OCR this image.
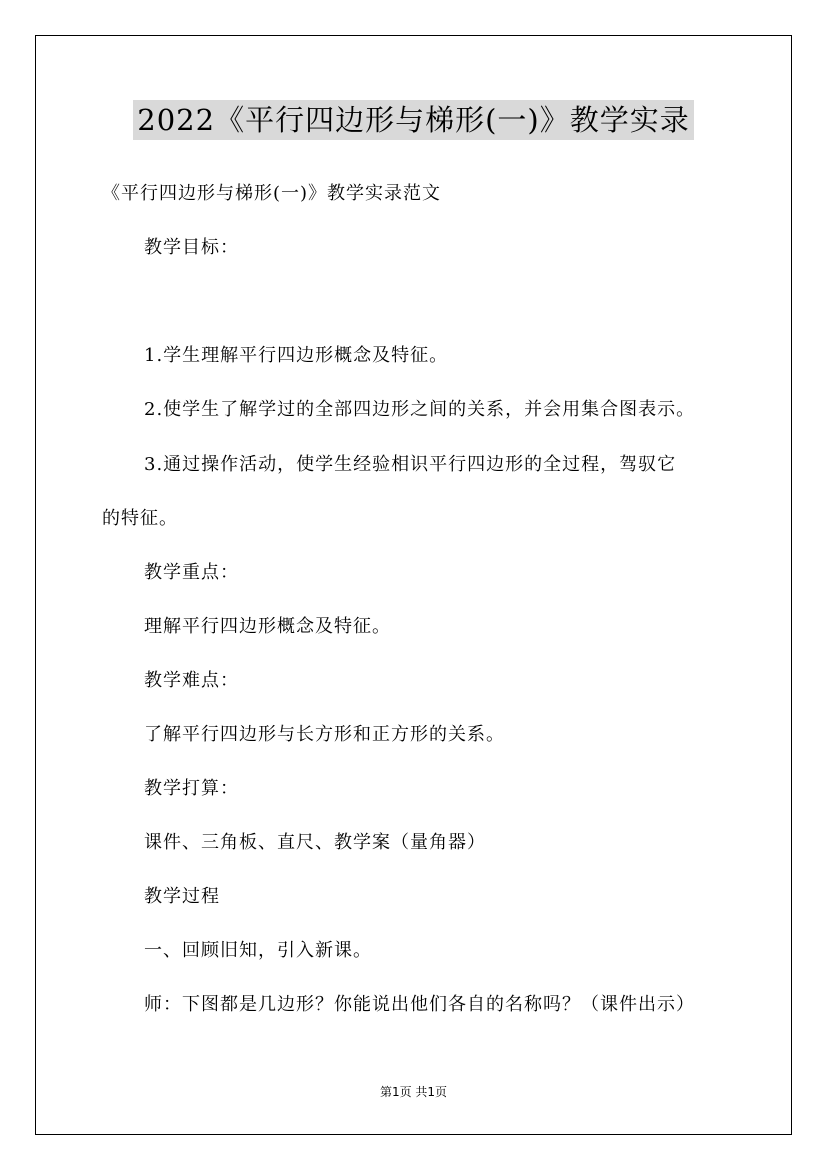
2022《平行四边形与梯形(一)》教学实录
《平行四边形与梯形(一)》教学实录范文
教学目标：
1.学生理解平行四边形概念及特征。
2.使学生了解学过的全部四边形之间的关系，并会用集合图表示。
3.通过操作活动，使学生经验相识平行四边形的全过程，驾驭它
的特征。
教学重点：
理解平行四边形概念及特征。
教学难点：
了解平行四边形与长方形和正方形的关系。
教学打算：
课件、三角板、直尺、教学案（量角器）
教学过程
一、回顾旧知，引入新课。
师：下图都是几边形？你能说出他们各自的名称吗？（课件出示）
第1页 共1页
